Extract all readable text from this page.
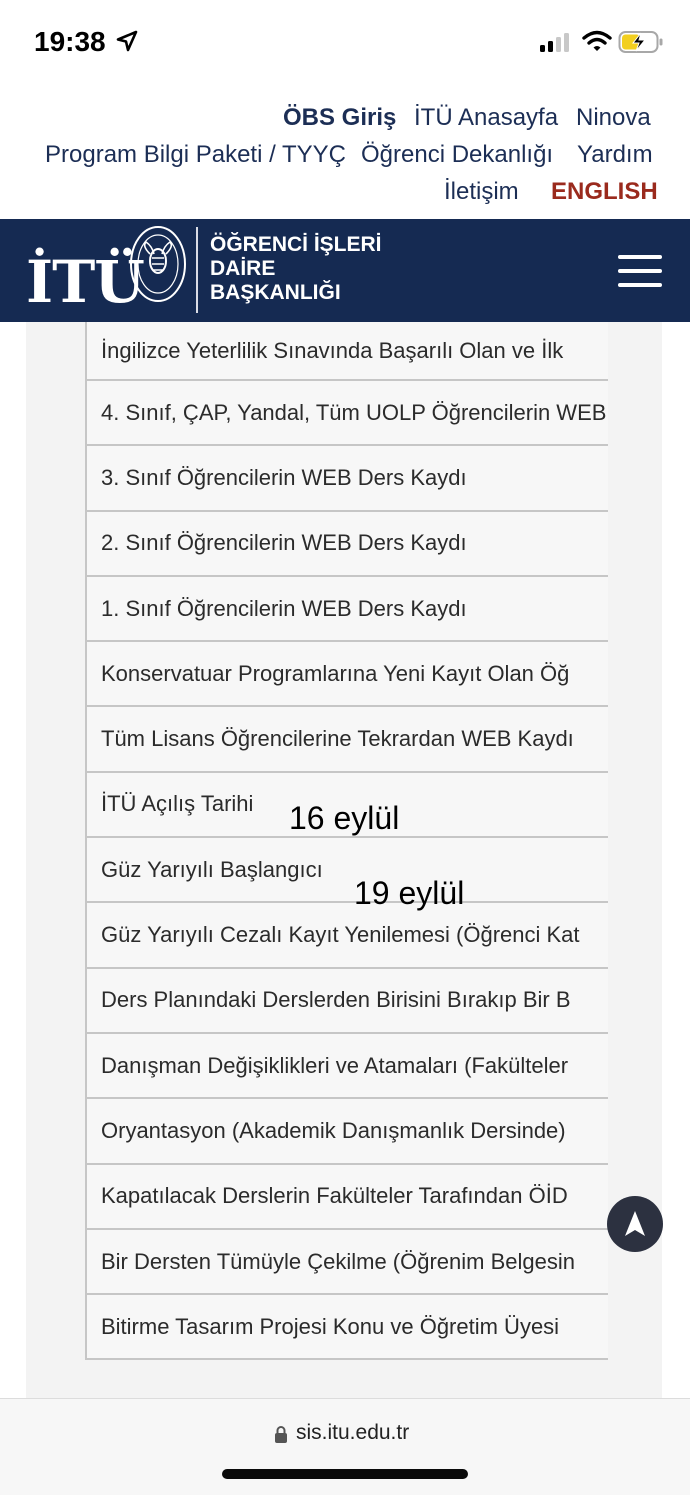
19:38
ÖBS Giriş İTÜ Anasayfa Ninova
Program Bilgi Paketi / TYYÇ Öğrenci Dekanlığı Yardım
İletişim ENGLISH
İTÜ
ÖĞRENCİ İŞLERİ
DAİRE
BAŞKANLIĞI
İngilizce Yeterlilik Sınavında Başarılı Olan ve İlk
4. Sınıf, ÇAP, Yandal, Tüm UOLP Öğrencilerin WEB
3. Sınıf Öğrencilerin WEB Ders Kaydı
2. Sınıf Öğrencilerin WEB Ders Kaydı
1. Sınıf Öğrencilerin WEB Ders Kaydı
Konservatuar Programlarına Yeni Kayıt Olan Öğ
Tüm Lisans Öğrencilerine Tekrardan WEB Kaydı
İTÜ Açılış Tarihi
Güz Yarıyılı Başlangıcı
Güz Yarıyılı Cezalı Kayıt Yenilemesi (Öğrenci Kat
Ders Planındaki Derslerden Birisini Bırakıp Bir B
Danışman Değişiklikleri ve Atamaları (Fakülteler
Oryantasyon (Akademik Danışmanlık Dersinde)
Kapatılacak Derslerin Fakülteler Tarafından ÖİD
Bir Dersten Tümüyle Çekilme (Öğrenim Belgesin
Bitirme Tasarım Projesi Konu ve Öğretim Üyesi
16 eylül
19 eylül
sis.itu.edu.tr
